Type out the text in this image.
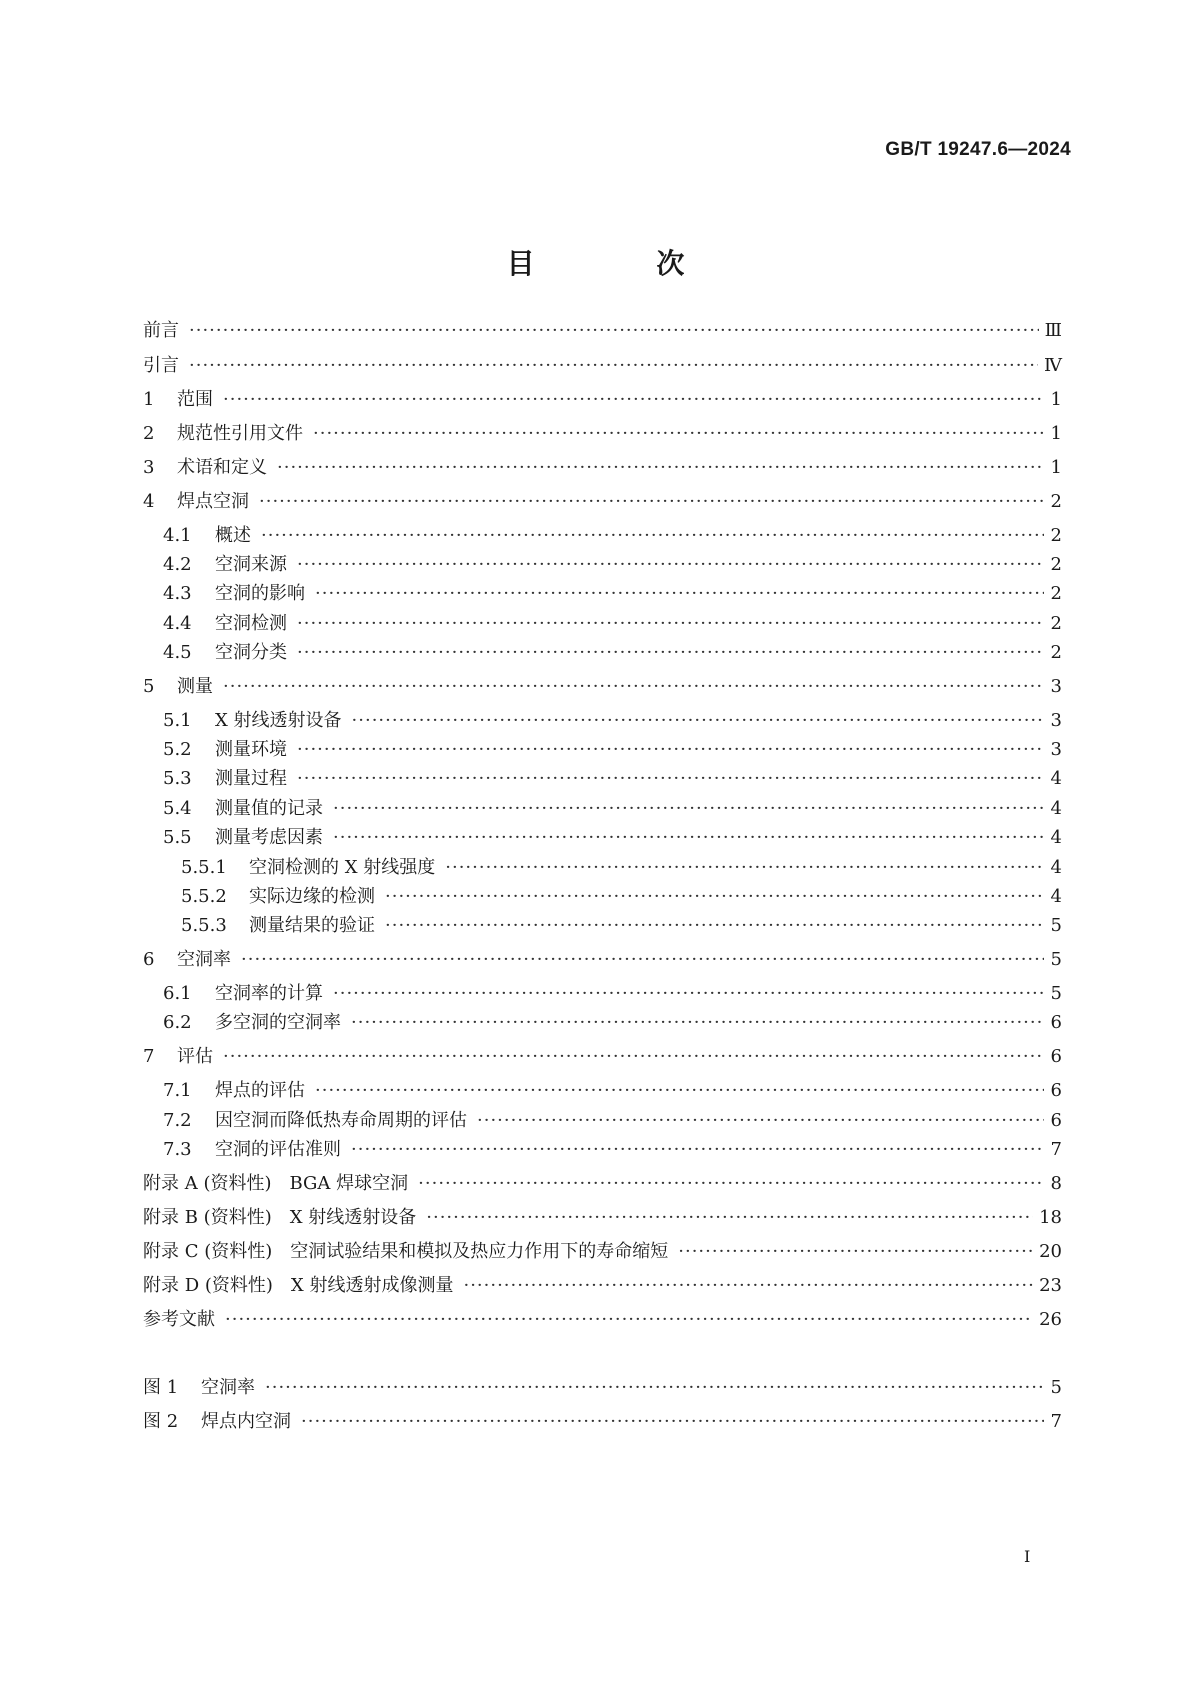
GB/T 19247.6—2024
目 次
前言 ·····	Ⅲ
引言 ·····	Ⅳ
1	范围 ·····	1
2	规范性引用文件 ·····	1
3	术语和定义 ·····	1
4	焊点空洞 ·····	2
4.1	概述 ·····	2
4.2	空洞来源 ·····	2
4.3	空洞的影响 ·····	2
4.4	空洞检测 ·····	2
4.5	空洞分类 ·····	2
5	测量 ·····	3
5.1	X 射线透射设备 ·····	3
5.2	测量环境 ·····	3
5.3	测量过程 ·····	4
5.4	测量值的记录 ·····	4
5.5	测量考虑因素 ·····	4
5.5.1	空洞检测的 X 射线强度 ·····	4
5.5.2	实际边缘的检测 ·····	4
5.5.3	测量结果的验证 ·····	5
6	空洞率 ·····	5
6.1	空洞率的计算 ·····	5
6.2	多空洞的空洞率 ·····	6
7	评估 ·····	6
7.1	焊点的评估 ·····	6
7.2	因空洞而降低热寿命周期的评估 ·····	6
7.3	空洞的评估准则 ·····	7
附录 A (资料性)　BGA 焊球空洞 ·····	8
附录 B (资料性)　X 射线透射设备 ·····	18
附录 C (资料性)　空洞试验结果和模拟及热应力作用下的寿命缩短 ·····	20
附录 D (资料性)　X 射线透射成像测量 ·····	23
参考文献 ·····	26
图 1	空洞率 ·····	5
图 2	焊点内空洞 ·····	7
I
